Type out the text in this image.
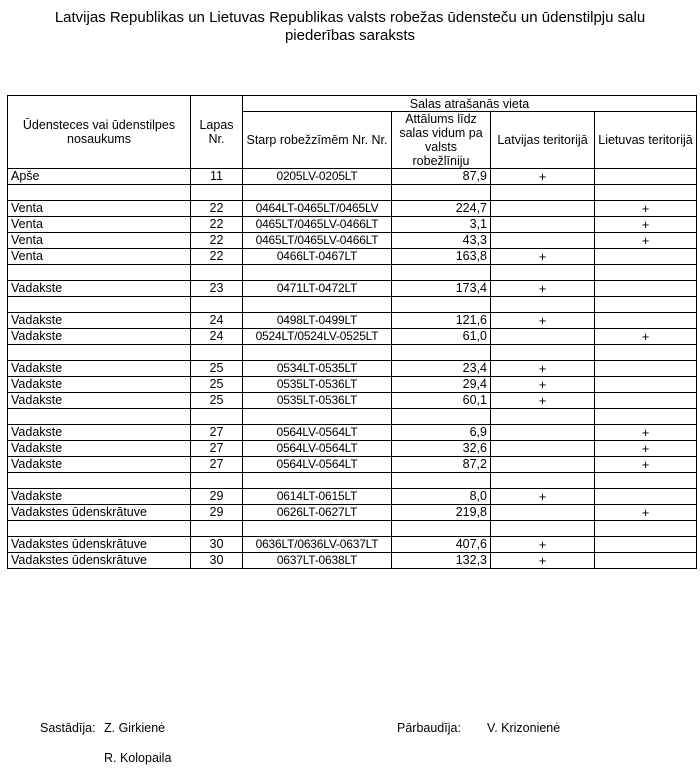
Latvijas Republikas un Lietuvas Republikas valsts robežas ūdensteču un ūdenstilpju salu
piederības saraksts
Ūdensteces vai ūdenstilpes nosaukums	Lapas Nr.	Salas atrašanās vieta			
		Starp robežzīmēm Nr. Nr.	Attālums līdz salas vidum pa valsts robežlīniju	Latvijas teritorijā	Lietuvas teritorijā
Apše	11	0205LV-0205LT	87,9	+	

Venta	22	0464LT-0465LT/0465LV	224,7		+
Venta	22	0465LT/0465LV-0466LT	3,1		+
Venta	22	0465LT/0465LV-0466LT	43,3		+
Venta	22	0466LT-0467LT	163,8	+	

Vadakste	23	0471LT-0472LT	173,4	+	

Vadakste	24	0498LT-0499LT	121,6	+	
Vadakste	24	0524LT/0524LV-0525LT	61,0		+

Vadakste	25	0534LT-0535LT	23,4	+	
Vadakste	25	0535LT-0536LT	29,4	+	
Vadakste	25	0535LT-0536LT	60,1	+	

Vadakste	27	0564LV-0564LT	6,9		+
Vadakste	27	0564LV-0564LT	32,6		+
Vadakste	27	0564LV-0564LT	87,2		+

Vadakste	29	0614LT-0615LT	8,0	+	
Vadakstes ūdenskrātuve	29	0626LT-0627LT	219,8		+

Vadakstes ūdenskrātuve	30	0636LT/0636LV-0637LT	407,6	+	
Vadakstes ūdenskrātuve	30	0637LT-0638LT	132,3	+	
Sastādīja: Z. Girkienė
R. Kolopaila
Pārbaudīja: V. Krizonienė
